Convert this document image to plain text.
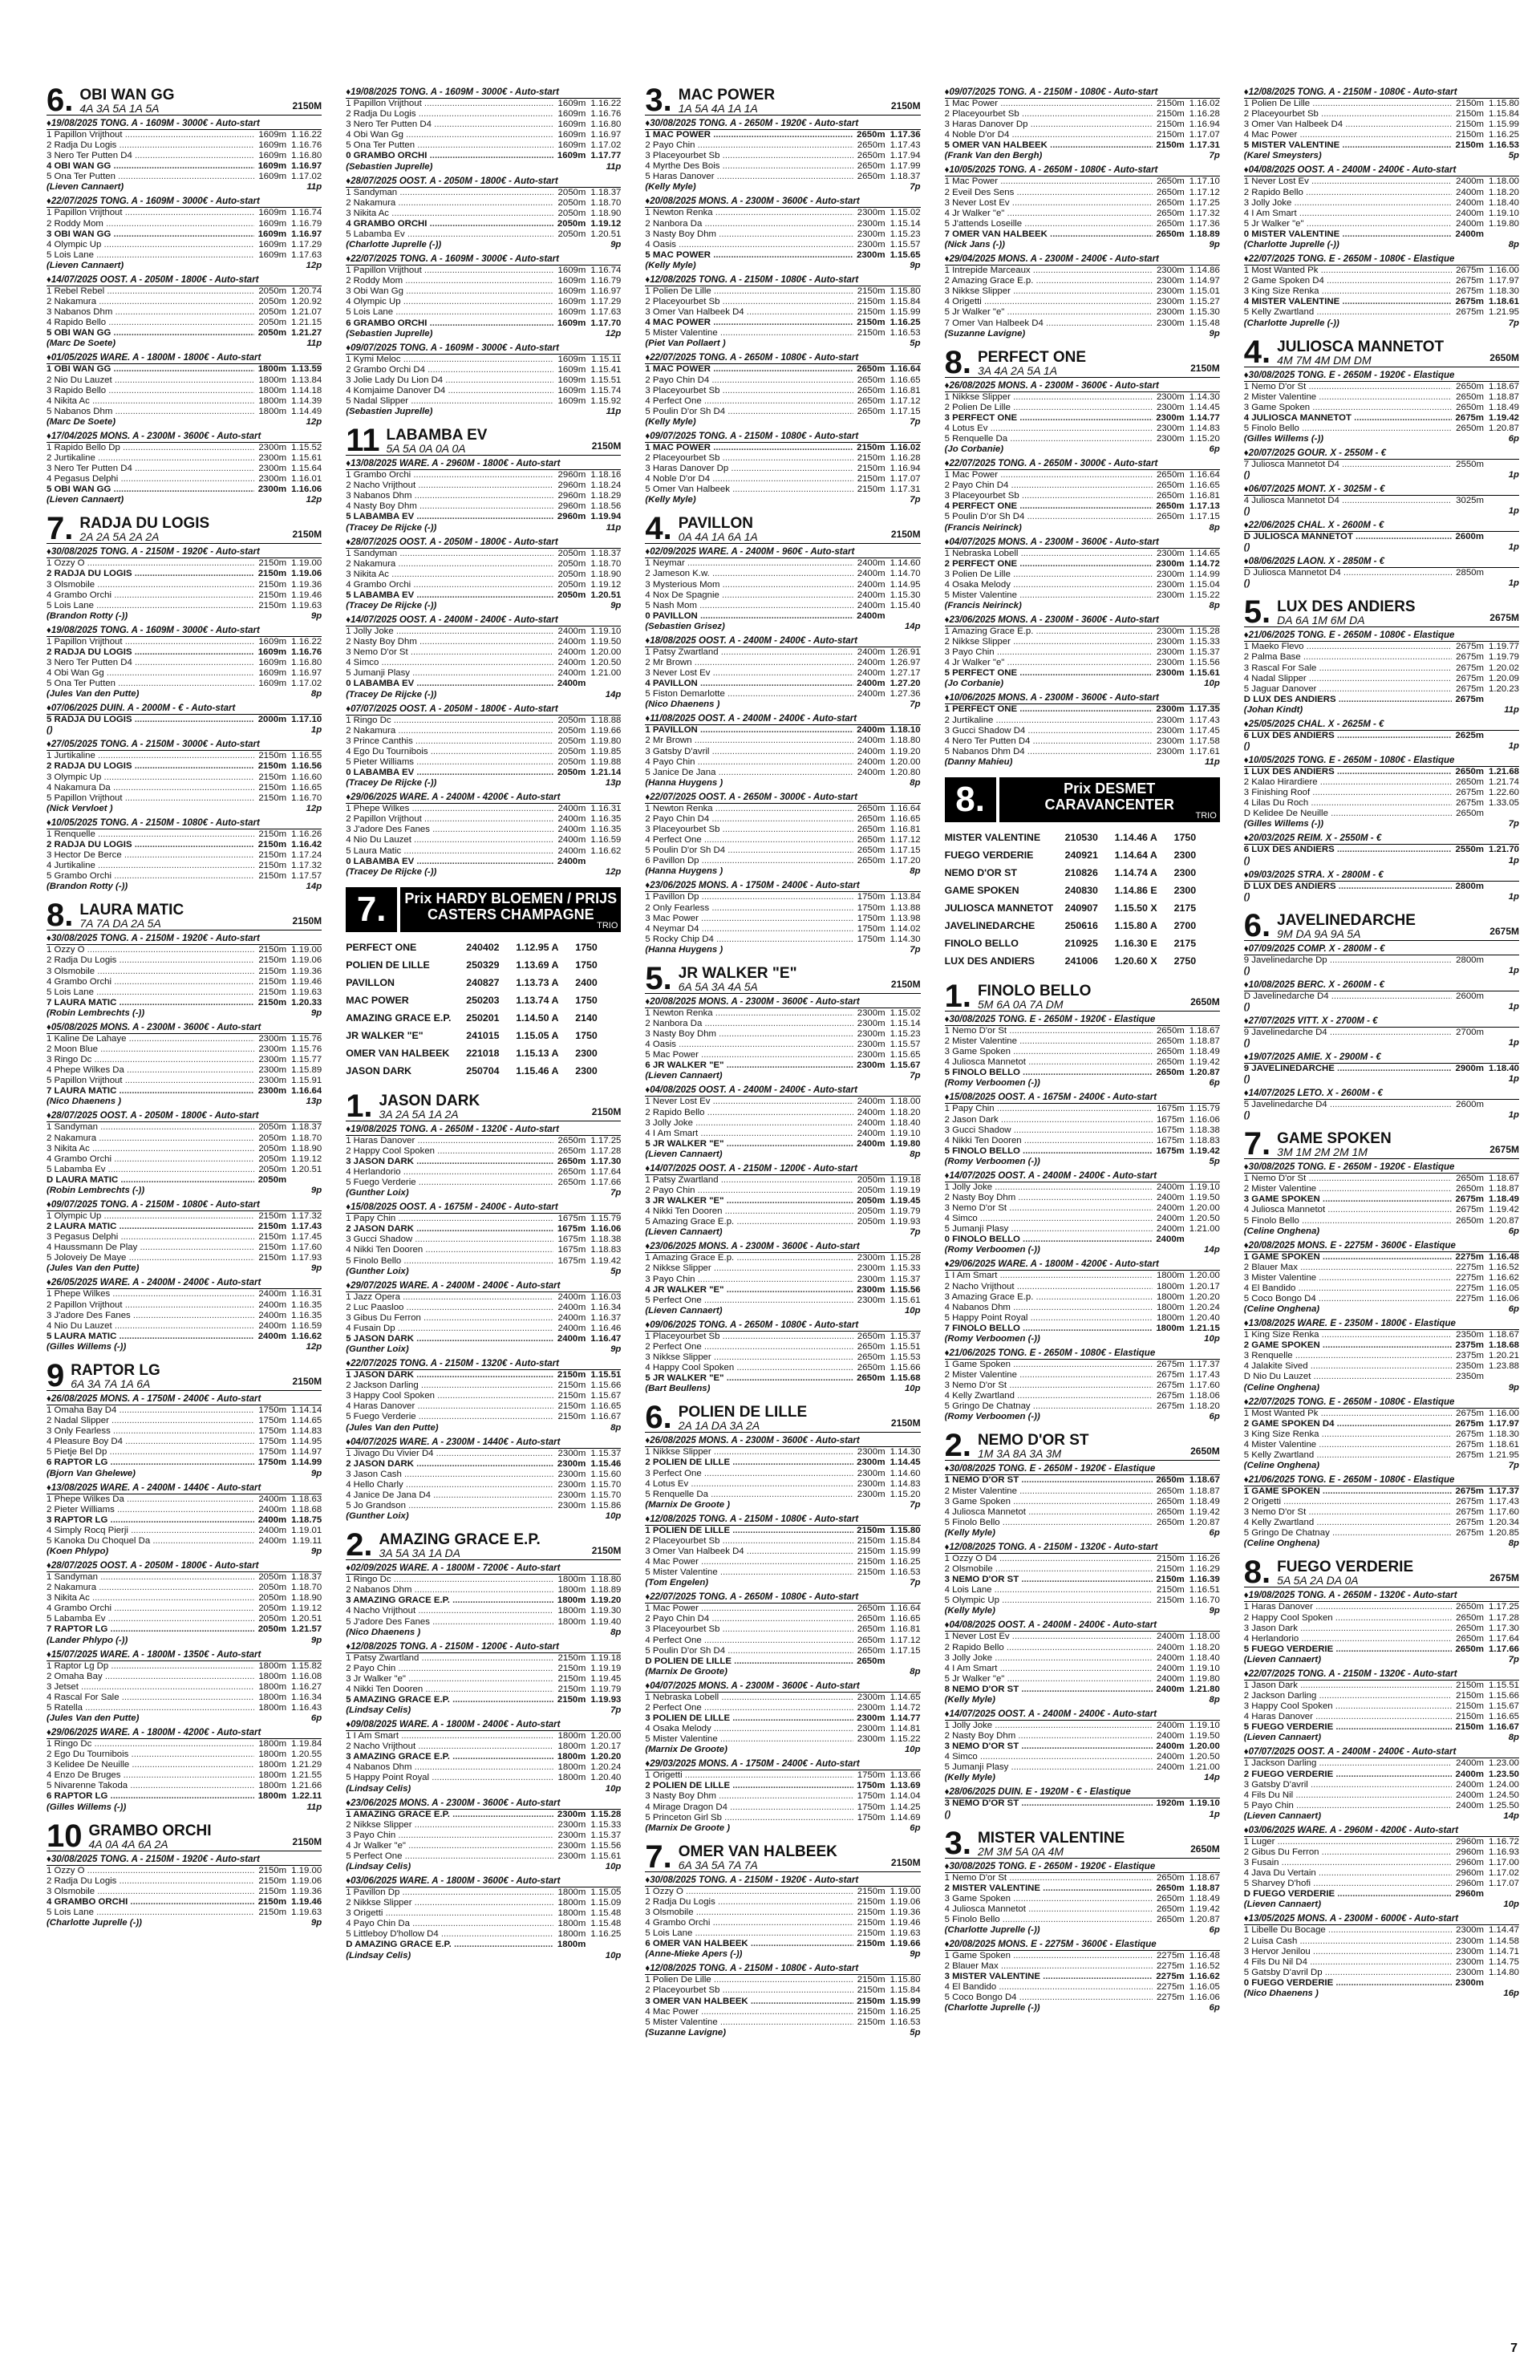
6. OBI WAN GG
4A 3A 5A 1A 5A	2150M
♦ 19/08/2025 TONG. A - 1609M - 3000€ - Auto-start
1 Papillon Vrijthout .....	1609m 1.16.22
2 Radja Du Logis .....	1609m 1.16.76
3 Nero Ter Putten D4 .....	1609m 1.16.80
4 OBI WAN GG .....	1609m 1.16.97
5 Ona Ter Putten .....	1609m 1.17.02
(Lieven Cannaert)	11p
♦ 22/07/2025 TONG. A - 1609M - 3000€ - Auto-start
1 Papillon Vrijthout .....	1609m 1.16.74
2 Roddy Mom .....	1609m 1.16.79
3 OBI WAN GG .....	1609m 1.16.97
4 Olympic Up .....	1609m 1.17.29
5 Lois Lane .....	1609m 1.17.63
(Lieven Cannaert)	12p
♦ 14/07/2025 OOST. A - 2050M - 1800€ - Auto-start
1 Rebel Rebel .....	2050m 1.20.74
2 Nakamura .....	2050m 1.20.92
3 Nabanos Dhm .....	2050m 1.21.07
4 Rapido Bello .....	2050m 1.21.15
5 OBI WAN GG .....	2050m 1.21.27
(Marc De Soete)	11p
♦ 01/05/2025 WARE. A - 1800M - 1800€ - Auto-start
1 OBI WAN GG .....	1800m 1.13.59
2 Nio Du Lauzet .....	1800m 1.13.84
3 Rapido Bello .....	1800m 1.14.18
4 Nikita Ac .....	1800m 1.14.39
5 Nabanos Dhm .....	1800m 1.14.49
(Marc De Soete)	12p
♦ 17/04/2025 MONS. A - 2300M - 3600€ - Auto-start
1 Rapido Bello Dp .....	2300m 1.15.52
2 Jurtikaline .....	2300m 1.15.61
3 Nero Ter Putten D4 .....	2300m 1.15.64
4 Pegasus Delphi .....	2300m 1.16.01
5 OBI WAN GG .....	2300m 1.16.06
(Lieven Cannaert)	12p
7. RADJA DU LOGIS
2A 2A 5A 2A 2A	2150M
♦ 30/08/2025 TONG. A - 2150M - 1920€ - Auto-start
1 Ozzy O .....	2150m 1.19.00
2 RADJA DU LOGIS .....	2150m 1.19.06
3 Olsmobile .....	2150m 1.19.36
4 Grambo Orchi .....	2150m 1.19.46
5 Lois Lane .....	2150m 1.19.63
(Brandon Rotty (-))	9p
♦ 19/08/2025 TONG. A - 1609M - 3000€ - Auto-start
1 Papillon Vrijthout .....	1609m 1.16.22
2 RADJA DU LOGIS .....	1609m 1.16.76
3 Nero Ter Putten D4 .....	1609m 1.16.80
4 Obi Wan Gg .....	1609m 1.16.97
5 Ona Ter Putten .....	1609m 1.17.02
(Jules Van den Putte)	8p
♦ 07/06/2025 DUIN. A - 2000M - € - Auto-start
5 RADJA DU LOGIS .....	2000m 1.17.10
()	1p
♦ 27/05/2025 TONG. A - 2150M - 3000€ - Auto-start
1 Jurtikaline .....	2150m 1.16.55
2 RADJA DU LOGIS .....	2150m 1.16.56
3 Olympic Up .....	2150m 1.16.60
4 Nakamura Da .....	2150m 1.16.65
5 Papillon Vrijthout .....	2150m 1.16.70
(Nick Vervloet )	12p
♦ 10/05/2025 TONG. A - 2150M - 1080€ - Auto-start
1 Renquelle .....	2150m 1.16.26
2 RADJA DU LOGIS .....	2150m 1.16.42
3 Hector De Berce .....	2150m 1.17.24
4 Jurtikaline .....	2150m 1.17.32
5 Grambo Orchi .....	2150m 1.17.57
(Brandon Rotty (-))	14p
8. LAURA MATIC
7A 7A DA 2A 5A	2150M
♦ 30/08/2025 TONG. A - 2150M - 1920€ - Auto-start
1 Ozzy O .....	2150m 1.19.00
2 Radja Du Logis .....	2150m 1.19.06
3 Olsmobile .....	2150m 1.19.36
4 Grambo Orchi .....	2150m 1.19.46
5 Lois Lane .....	2150m 1.19.63
7 LAURA MATIC .....	2150m 1.20.33
(Robin Lembrechts (-))	9p
♦ 05/08/2025 MONS. A - 2300M - 3600€ - Auto-start
1 Kaline De Lahaye .....	2300m 1.15.76
2 Moon Blue .....	2300m 1.15.76
3 Ringo Dc .....	2300m 1.15.77
4 Phepe Wilkes Da .....	2300m 1.15.89
5 Papillon Vrijthout .....	2300m 1.15.91
7 LAURA MATIC .....	2300m 1.16.64
(Nico Dhaenens )	13p
♦ 28/07/2025 OOST. A - 2050M - 1800€ - Auto-start
1 Sandyman .....	2050m 1.18.37
2 Nakamura .....	2050m 1.18.70
3 Nikita Ac .....	2050m 1.18.90
4 Grambo Orchi .....	2050m 1.19.12
5 Labamba Ev .....	2050m 1.20.51
D LAURA MATIC .....	2050m
(Robin Lembrechts (-))	9p
♦ 09/07/2025 TONG. A - 2150M - 1080€ - Auto-start
1 Olympic Up .....	2150m 1.17.32
2 LAURA MATIC .....	2150m 1.17.43
3 Pegasus Delphi .....	2150m 1.17.45
4 Haussmann De Play .....	2150m 1.17.60
5 Joloveiy De Maye .....	2150m 1.17.93
(Jules Van den Putte)	9p
♦ 26/05/2025 WARE. A - 2400M - 2400€ - Auto-start
1 Phepe Wilkes .....	2400m 1.16.31
2 Papillon Vrijthout .....	2400m 1.16.35
3 J'adore Des Fanes .....	2400m 1.16.35
4 Nio Du Lauzet .....	2400m 1.16.59
5 LAURA MATIC .....	2400m 1.16.62
(Gilles Willems (-))	12p
9 RAPTOR LG
6A 3A 7A 1A 6A	2150M
♦ 26/08/2025 MONS. A - 1750M - 2400€ - Auto-start
1 Omaha Bay D4 .....	1750m 1.14.14
2 Nadal Slipper .....	1750m 1.14.65
3 Only Fearless .....	1750m 1.14.83
4 Pleasure Boy D4 .....	1750m 1.14.95
5 Pietje Bel Dp .....	1750m 1.14.97
6 RAPTOR LG .....	1750m 1.14.99
(Bjorn Van Ghelewe)	9p
♦ 13/08/2025 WARE. A - 2400M - 1440€ - Auto-start
1 Phepe Wilkes Da .....	2400m 1.18.63
2 Pieter Williams .....	2400m 1.18.68
3 RAPTOR LG .....	2400m 1.18.75
4 Simply Rocq Pierji .....	2400m 1.19.01
5 Kanoka Du Choquel Da .....	2400m 1.19.11
(Koen Phlypo)	9p
♦ 28/07/2025 OOST. A - 2050M - 1800€ - Auto-start
1 Sandyman .....	2050m 1.18.37
2 Nakamura .....	2050m 1.18.70
3 Nikita Ac .....	2050m 1.18.90
4 Grambo Orchi .....	2050m 1.19.12
5 Labamba Ev .....	2050m 1.20.51
7 RAPTOR LG .....	2050m 1.21.57
(Lander Phlypo (-))	9p
♦ 15/07/2025 WARE. A - 1800M - 1350€ - Auto-start
1 Raptor Lg Dp .....	1800m 1.15.82
2 Omaha Bay .....	1800m 1.16.08
3 Jetset .....	1800m 1.16.27
4 Rascal For Sale .....	1800m 1.16.34
5 Ratella .....	1800m 1.16.43
(Jules Van den Putte)	6p
♦ 29/06/2025 WARE. A - 1800M - 4200€ - Auto-start
1 Ringo Dc .....	1800m 1.19.84
2 Ego Du Tournibois .....	1800m 1.20.55
3 Kelidee De Neuille .....	1800m 1.21.29
4 Enzo De Bruges .....	1800m 1.21.55
5 Nivarenne Takoda .....	1800m 1.21.66
6 RAPTOR LG .....	1800m 1.22.11
(Gilles Willems (-))	11p
10 GRAMBO ORCHI
4A 0A 4A 6A 2A	2150M
♦ 30/08/2025 TONG. A - 2150M - 1920€ - Auto-start
1 Ozzy O .....	2150m 1.19.00
2 Radja Du Logis .....	2150m 1.19.06
3 Olsmobile .....	2150m 1.19.36
4 GRAMBO ORCHI .....	2150m 1.19.46
5 Lois Lane .....	2150m 1.19.63
(Charlotte Juprelle (-))	9p
♦ 19/08/2025 TONG. A - 1609M - 3000€ - Auto-start
1 Papillon Vrijthout .....	1609m 1.16.22
2 Radja Du Logis .....	1609m 1.16.76
3 Nero Ter Putten D4 .....	1609m 1.16.80
4 Obi Wan Gg .....	1609m 1.16.97
5 Ona Ter Putten .....	1609m 1.17.02
0 GRAMBO ORCHI .....	1609m 1.17.77
(Sebastien Juprelle)	11p
♦ 28/07/2025 OOST. A - 2050M - 1800€ - Auto-start
1 Sandyman .....	2050m 1.18.37
2 Nakamura .....	2050m 1.18.70
3 Nikita Ac .....	2050m 1.18.90
4 GRAMBO ORCHI .....	2050m 1.19.12
5 Labamba Ev .....	2050m 1.20.51
(Charlotte Juprelle (-))	9p
♦ 22/07/2025 TONG. A - 1609M - 3000€ - Auto-start
1 Papillon Vrijthout .....	1609m 1.16.74
2 Roddy Mom .....	1609m 1.16.79
3 Obi Wan Gg .....	1609m 1.16.97
4 Olympic Up .....	1609m 1.17.29
5 Lois Lane .....	1609m 1.17.63
6 GRAMBO ORCHI .....	1609m 1.17.70
(Sebastien Juprelle)	12p
♦ 09/07/2025 TONG. A - 1609M - 3000€ - Auto-start
1 Kymi Meloc .....	1609m 1.15.11
2 Grambo Orchi D4 .....	1609m 1.15.41
3 Jolie Lady Du Lion D4 .....	1609m 1.15.51
4 Komjaime Danover D4 .....	1609m 1.15.74
5 Nadal Slipper .....	1609m 1.15.92
(Sebastien Juprelle)	11p
11 LABAMBA EV
5A 5A 0A 0A 0A	2150M
♦ 13/08/2025 WARE. A - 2960M - 1800€ - Auto-start
1 Grambo Orchi .....	2960m 1.18.16
2 Nacho Vrijthout .....	2960m 1.18.24
3 Nabanos Dhm .....	2960m 1.18.29
4 Nasty Boy Dhm .....	2960m 1.18.56
5 LABAMBA EV .....	2960m 1.19.94
(Tracey De Rijcke (-))	11p
♦ 28/07/2025 OOST. A - 2050M - 1800€ - Auto-start
1 Sandyman .....	2050m 1.18.37
2 Nakamura .....	2050m 1.18.70
3 Nikita Ac .....	2050m 1.18.90
4 Grambo Orchi .....	2050m 1.19.12
5 LABAMBA EV .....	2050m 1.20.51
(Tracey De Rijcke (-))	9p
♦ 14/07/2025 OOST. A - 2400M - 2400€ - Auto-start
1 Jolly Joke .....	2400m 1.19.10
2 Nasty Boy Dhm .....	2400m 1.19.50
3 Nemo D'or St .....	2400m 1.20.00
4 Simco .....	2400m 1.20.50
5 Jumanji Plasy .....	2400m 1.21.00
0 LABAMBA EV .....	2400m
(Tracey De Rijcke (-))	14p
♦ 07/07/2025 OOST. A - 2050M - 1800€ - Auto-start
1 Ringo Dc .....	2050m 1.18.88
2 Nakamura .....	2050m 1.19.66
3 Prince Canthis .....	2050m 1.19.80
4 Ego Du Tournibois .....	2050m 1.19.85
5 Pieter Williams .....	2050m 1.19.88
0 LABAMBA EV .....	2050m 1.21.14
(Tracey De Rijcke (-))	13p
♦ 29/06/2025 WARE. A - 2400M - 4200€ - Auto-start
1 Phepe Wilkes .....	2400m 1.16.31
2 Papillon Vrijthout .....	2400m 1.16.35
3 J'adore Des Fanes .....	2400m 1.16.35
4 Nio Du Lauzet .....	2400m 1.16.59
5 Laura Matic .....	2400m 1.16.62
0 LABAMBA EV .....	2400m
(Tracey De Rijcke (-))	12p
7.	Prix HARDY BLOEMEN / PRIJS CASTERS CHAMPAGNE
TRIO
PERFECT ONE	240402	1.12.95 A	1750
POLIEN DE LILLE	250329	1.13.69 A	1750
PAVILLON	240827	1.13.73 A	2400
MAC POWER	250203	1.13.74 A	1750
AMAZING GRACE E.P.	250201	1.14.50 A	2140
JR WALKER "E"	241015	1.15.05 A	1750
OMER VAN HALBEEK	221018	1.15.13 A	2300
JASON DARK	250704	1.15.46 A	2300
1. JASON DARK
3A 2A 5A 1A 2A	2150M
♦ 19/08/2025 TONG. A - 2650M - 1320€ - Auto-start
1 Haras Danover .....	2650m 1.17.25
2 Happy Cool Spoken .....	2650m 1.17.28
3 JASON DARK .....	2650m 1.17.30
4 Herlandorio .....	2650m 1.17.64
5 Fuego Verderie .....	2650m 1.17.66
(Gunther Loix)	7p
♦ 15/08/2025 OOST. A - 1675M - 2400€ - Auto-start
1 Papy Chin .....	1675m 1.15.79
2 JASON DARK .....	1675m 1.16.06
3 Gucci Shadow .....	1675m 1.18.38
4 Nikki Ten Dooren .....	1675m 1.18.83
5 Finolo Bello .....	1675m 1.19.42
(Gunther Loix)	5p
♦ 29/07/2025 WARE. A - 2400M - 2400€ - Auto-start
1 Jazz Opera .....	2400m 1.16.03
2 Luc Paasloo .....	2400m 1.16.34
3 Gibus Du Ferron .....	2400m 1.16.37
4 Fusain Dp .....	2400m 1.16.46
5 JASON DARK .....	2400m 1.16.47
(Gunther Loix)	9p
♦ 22/07/2025 TONG. A - 2150M - 1320€ - Auto-start
1 JASON DARK .....	2150m 1.15.51
2 Jackson Darling .....	2150m 1.15.66
3 Happy Cool Spoken .....	2150m 1.15.67
4 Haras Danover .....	2150m 1.16.65
5 Fuego Verderie .....	2150m 1.16.67
(Jules Van den Putte)	8p
♦ 04/07/2025 WARE. A - 2300M - 1440€ - Auto-start
1 Jivago Du Vivier D4 .....	2300m 1.15.37
2 JASON DARK .....	2300m 1.15.46
3 Jason Cash .....	2300m 1.15.60
4 Hello Charly .....	2300m 1.15.70
4 Janice De Jana D4 .....	2300m 1.15.70
5 Jo Grandson .....	2300m 1.15.86
(Gunther Loix)	10p
2. AMAZING GRACE E.P.
3A 5A 3A 1A DA	2150M
♦ 02/09/2025 WARE. A - 1800M - 7200€ - Auto-start
1 Ringo Dc .....	1800m 1.18.80
2 Nabanos Dhm .....	1800m 1.18.89
3 AMAZING GRACE E.P. .....	1800m 1.19.20
4 Nacho Vrijthout .....	1800m 1.19.30
5 J'adore Des Fanes .....	1800m 1.19.40
(Nico Dhaenens )	8p
♦ 12/08/2025 TONG. A - 2150M - 1200€ - Auto-start
1 Patsy Zwartland .....	2150m 1.19.18
2 Payo Chin .....	2150m 1.19.19
3 Jr Walker "e" .....	2150m 1.19.45
4 Nikki Ten Dooren .....	2150m 1.19.79
5 AMAZING GRACE E.P. .....	2150m 1.19.93
(Lindsay Celis)	7p
♦ 09/08/2025 WARE. A - 1800M - 2400€ - Auto-start
1 I Am Smart .....	1800m 1.20.00
2 Nacho Vrijthout .....	1800m 1.20.17
3 AMAZING GRACE E.P. .....	1800m 1.20.20
4 Nabanos Dhm .....	1800m 1.20.24
5 Happy Point Royal .....	1800m 1.20.40
(Lindsay Celis)	10p
♦ 23/06/2025 MONS. A - 2300M - 3600€ - Auto-start
1 AMAZING GRACE E.P. .....	2300m 1.15.28
2 Nikkse Slipper .....	2300m 1.15.33
3 Payo Chin .....	2300m 1.15.37
4 Jr Walker "e" .....	2300m 1.15.56
5 Perfect One .....	2300m 1.15.61
(Lindsay Celis)	10p
♦ 03/06/2025 WARE. A - 1800M - 3600€ - Auto-start
1 Pavillon Dp .....	1800m 1.15.05
2 Nikkse Slipper .....	1800m 1.15.09
3 Origetti .....	1800m 1.15.48
4 Payo Chin Da .....	1800m 1.15.48
5 Littleboy D'hollow D4 .....	1800m 1.16.25
D AMAZING GRACE E.P. .....	1800m
(Lindsay Celis)	10p
3. MAC POWER
1A 5A 4A 1A 1A	2150M
♦ 30/08/2025 TONG. A - 2650M - 1920€ - Auto-start
1 MAC POWER .....	2650m 1.17.36
2 Payo Chin .....	2650m 1.17.43
3 Placeyourbet Sb .....	2650m 1.17.94
4 Myrthe Des Bois .....	2650m 1.17.99
5 Haras Danover .....	2650m 1.18.37
(Kelly Myle)	7p
♦ 20/08/2025 MONS. A - 2300M - 3600€ - Auto-start
1 Newton Renka .....	2300m 1.15.02
2 Nanbora Da .....	2300m 1.15.14
3 Nasty Boy Dhm .....	2300m 1.15.23
4 Oasis .....	2300m 1.15.57
5 MAC POWER .....	2300m 1.15.65
(Kelly Myle)	9p
♦ 12/08/2025 TONG. A - 2150M - 1080€ - Auto-start
1 Polien De Lille .....	2150m 1.15.80
2 Placeyourbet Sb .....	2150m 1.15.84
3 Omer Van Halbeek D4 .....	2150m 1.15.99
4 MAC POWER .....	2150m 1.16.25
5 Mister Valentine .....	2150m 1.16.53
(Piet Van Pollaert )	5p
♦ 22/07/2025 TONG. A - 2650M - 1080€ - Auto-start
1 MAC POWER .....	2650m 1.16.64
2 Payo Chin D4 .....	2650m 1.16.65
3 Placeyourbet Sb .....	2650m 1.16.81
4 Perfect One .....	2650m 1.17.12
5 Poulin D'or Sh D4 .....	2650m 1.17.15
(Kelly Myle)	7p
♦ 09/07/2025 TONG. A - 2150M - 1080€ - Auto-start
1 MAC POWER .....	2150m 1.16.02
2 Placeyourbet Sb .....	2150m 1.16.28
3 Haras Danover Dp .....	2150m 1.16.94
4 Noble D'or D4 .....	2150m 1.17.07
5 Omer Van Halbeek .....	2150m 1.17.31
(Kelly Myle)	7p
4. PAVILLON
0A 4A 1A 6A 1A	2150M
♦ 02/09/2025 WARE. A - 2400M - 960€ - Auto-start
1 Neymar .....	2400m 1.14.60
2 Jameson K.w. .....	2400m 1.14.70
3 Mysterious Mom .....	2400m 1.14.95
4 Nox De Spagnie .....	2400m 1.15.30
5 Nash Mom .....	2400m 1.15.40
0 PAVILLON .....	2400m
(Sebastien Grisez)	14p
♦ 18/08/2025 OOST. A - 2400M - 2400€ - Auto-start
1 Patsy Zwartland .....	2400m 1.26.91
2 Mr Brown .....	2400m 1.26.97
3 Never Lost Ev .....	2400m 1.27.17
4 PAVILLON .....	2400m 1.27.20
5 Fiston Demarlotte .....	2400m 1.27.36
(Nico Dhaenens )	7p
♦ 11/08/2025 OOST. A - 2400M - 2400€ - Auto-start
1 PAVILLON .....	2400m 1.18.10
2 Mr Brown .....	2400m 1.18.80
3 Gatsby D'avril .....	2400m 1.19.20
4 Payo Chin .....	2400m 1.20.00
5 Janice De Jana .....	2400m 1.20.80
(Hanna Huygens )	8p
♦ 22/07/2025 OOST. A - 2650M - 3000€ - Auto-start
1 Newton Renka .....	2650m 1.16.64
2 Payo Chin D4 .....	2650m 1.16.65
3 Placeyourbet Sb .....	2650m 1.16.81
4 Perfect One .....	2650m 1.17.12
5 Poulin D'or Sh D4 .....	2650m 1.17.15
6 Pavillon Dp .....	2650m 1.17.20
(Hanna Huygens )	8p
♦ 23/06/2025 MONS. A - 1750M - 2400€ - Auto-start
1 Pavillon Dp .....	1750m 1.13.84
2 Only Fearless .....	1750m 1.13.88
3 Mac Power .....	1750m 1.13.98
4 Neymar D4 .....	1750m 1.14.02
5 Rocky Chip D4 .....	1750m 1.14.30
(Hanna Huygens )	7p
5. JR WALKER "E"
6A 5A 3A 4A 5A	2150M
♦ 20/08/2025 MONS. A - 2300M - 3600€ - Auto-start
1 Newton Renka .....	2300m 1.15.02
2 Nanbora Da .....	2300m 1.15.14
3 Nasty Boy Dhm .....	2300m 1.15.23
4 Oasis .....	2300m 1.15.57
5 Mac Power .....	2300m 1.15.65
6 JR WALKER "E" .....	2300m 1.15.67
(Lieven Cannaert)	7p
♦ 04/08/2025 OOST. A - 2400M - 2400€ - Auto-start
1 Never Lost Ev .....	2400m 1.18.00
2 Rapido Bello .....	2400m 1.18.20
3 Jolly Joke .....	2400m 1.18.40
4 I Am Smart .....	2400m 1.19.10
5 JR WALKER "E" .....	2400m 1.19.80
(Lieven Cannaert)	8p
♦ 14/07/2025 OOST. A - 2150M - 1200€ - Auto-start
1 Patsy Zwartland .....	2050m 1.19.18
2 Payo Chin .....	2050m 1.19.19
3 JR WALKER "E" .....	2050m 1.19.45
4 Nikki Ten Dooren .....	2050m 1.19.79
5 Amazing Grace E.p. .....	2050m 1.19.93
(Lieven Cannaert)	7p
♦ 23/06/2025 MONS. A - 2300M - 3600€ - Auto-start
1 Amazing Grace E.p. .....	2300m 1.15.28
2 Nikkse Slipper .....	2300m 1.15.33
3 Payo Chin .....	2300m 1.15.37
4 JR WALKER "E" .....	2300m 1.15.56
5 Perfect One .....	2300m 1.15.61
(Lieven Cannaert)	10p
♦ 09/06/2025 TONG. A - 2650M - 1080€ - Auto-start
1 Placeyourbet Sb .....	2650m 1.15.37
2 Perfect One .....	2650m 1.15.51
3 Nikkse Slipper .....	2650m 1.15.53
4 Happy Cool Spoken .....	2650m 1.15.66
5 JR WALKER "E" .....	2650m 1.15.68
(Bart Beullens)	10p
6. POLIEN DE LILLE
2A 1A DA 3A 2A	2150M
♦ 26/08/2025 MONS. A - 2300M - 3600€ - Auto-start
1 Nikkse Slipper .....	2300m 1.14.30
2 POLIEN DE LILLE .....	2300m 1.14.45
3 Perfect One .....	2300m 1.14.60
4 Lotus Ev .....	2300m 1.14.83
5 Renquelle Da .....	2300m 1.15.20
(Marnix De Groote )	7p
♦ 12/08/2025 TONG. A - 2150M - 1080€ - Auto-start
1 POLIEN DE LILLE .....	2150m 1.15.80
2 Placeyourbet Sb .....	2150m 1.15.84
3 Omer Van Halbeek D4 .....	2150m 1.15.99
4 Mac Power .....	2150m 1.16.25
5 Mister Valentine .....	2150m 1.16.53
(Tom Engelen)	7p
♦ 22/07/2025 TONG. A - 2650M - 1080€ - Auto-start
1 Mac Power .....	2650m 1.16.64
2 Payo Chin D4 .....	2650m 1.16.65
3 Placeyourbet Sb .....	2650m 1.16.81
4 Perfect One .....	2650m 1.17.12
5 Poulin D'or Sh D4 .....	2650m 1.17.15
D POLIEN DE LILLE .....	2650m
(Marnix De Groote)	8p
♦ 04/07/2025 MONS. A - 2300M - 3600€ - Auto-start
1 Nebraska Lobell .....	2300m 1.14.65
2 Perfect One .....	2300m 1.14.72
3 POLIEN DE LILLE .....	2300m 1.14.77
4 Osaka Melody .....	2300m 1.14.81
5 Mister Valentine .....	2300m 1.15.22
(Marnix De Groote)	10p
♦ 29/03/2025 MONS. A - 1750M - 2400€ - Auto-start
1 Origetti .....	1750m 1.13.66
2 POLIEN DE LILLE .....	1750m 1.13.69
3 Nasty Boy Dhm .....	1750m 1.14.04
4 Mirage Dragon D4 .....	1750m 1.14.25
5 Princeton Girl Sb .....	1750m 1.14.69
(Marnix De Groote )	6p
7. OMER VAN HALBEEK
6A 3A 5A 7A 7A	2150M
♦ 30/08/2025 TONG. A - 2150M - 1920€ - Auto-start
1 Ozzy O .....	2150m 1.19.00
2 Radja Du Logis .....	2150m 1.19.06
3 Olsmobile .....	2150m 1.19.36
4 Grambo Orchi .....	2150m 1.19.46
5 Lois Lane .....	2150m 1.19.63
6 OMER VAN HALBEEK .....	2150m 1.19.66
(Anne-Mieke Apers (-))	9p
♦ 12/08/2025 TONG. A - 2150M - 1080€ - Auto-start
1 Polien De Lille .....	2150m 1.15.80
2 Placeyourbet Sb .....	2150m 1.15.84
3 OMER VAN HALBEEK .....	2150m 1.15.99
4 Mac Power .....	2150m 1.16.25
5 Mister Valentine .....	2150m 1.16.53
(Suzanne Lavigne)	5p
♦ 09/07/2025 TONG. A - 2150M - 1080€ - Auto-start
1 Mac Power .....	2150m 1.16.02
2 Placeyourbet Sb .....	2150m 1.16.28
3 Haras Danover Dp .....	2150m 1.16.94
4 Noble D'or D4 .....	2150m 1.17.07
5 OMER VAN HALBEEK .....	2150m 1.17.31
(Frank Van den Bergh)	7p
♦ 10/05/2025 TONG. A - 2650M - 1080€ - Auto-start
1 Mac Power .....	2650m 1.17.10
2 Eveil Des Sens .....	2650m 1.17.12
3 Never Lost Ev .....	2650m 1.17.25
4 Jr Walker "e" .....	2650m 1.17.32
5 J'attends Loseille .....	2650m 1.17.36
7 OMER VAN HALBEEK .....	2650m 1.18.89
(Nick Jans (-))	9p
♦ 29/04/2025 MONS. A - 2300M - 2400€ - Auto-start
1 Intrepide Marceaux .....	2300m 1.14.86
2 Amazing Grace E.p. .....	2300m 1.14.97
3 Nikkse Slipper .....	2300m 1.15.01
4 Origetti .....	2300m 1.15.27
5 Jr Walker "e" .....	2300m 1.15.30
7 Omer Van Halbeek D4 .....	2300m 1.15.48
(Suzanne Lavigne)	9p
8. PERFECT ONE
3A 4A 2A 5A 1A	2150M
♦ 26/08/2025 MONS. A - 2300M - 3600€ - Auto-start
1 Nikkse Slipper .....	2300m 1.14.30
2 Polien De Lille .....	2300m 1.14.45
3 PERFECT ONE .....	2300m 1.14.77
4 Lotus Ev .....	2300m 1.14.83
5 Renquelle Da .....	2300m 1.15.20
(Jo Corbanie)	6p
♦ 22/07/2025 TONG. A - 2650M - 3000€ - Auto-start
1 Mac Power .....	2650m 1.16.64
2 Payo Chin D4 .....	2650m 1.16.65
3 Placeyourbet Sb .....	2650m 1.16.81
4 PERFECT ONE .....	2650m 1.17.13
5 Poulin D'or Sh D4 .....	2650m 1.17.15
(Francis Neirinck)	8p
♦ 04/07/2025 MONS. A - 2300M - 3600€ - Auto-start
1 Nebraska Lobell .....	2300m 1.14.65
2 PERFECT ONE .....	2300m 1.14.72
3 Polien De Lille .....	2300m 1.14.99
4 Osaka Melody .....	2300m 1.15.04
5 Mister Valentine .....	2300m 1.15.22
(Francis Neirinck)	8p
♦ 23/06/2025 MONS. A - 2300M - 3600€ - Auto-start
1 Amazing Grace E.p. .....	2300m 1.15.28
2 Nikkse Slipper .....	2300m 1.15.33
3 Payo Chin .....	2300m 1.15.37
4 Jr Walker "e" .....	2300m 1.15.56
5 PERFECT ONE .....	2300m 1.15.61
(Jo Corbanie)	10p
♦ 10/06/2025 MONS. A - 2300M - 3600€ - Auto-start
1 PERFECT ONE .....	2300m 1.17.35
2 Jurtikaline .....	2300m 1.17.43
3 Gucci Shadow D4 .....	2300m 1.17.45
4 Nero Ter Putten D4 .....	2300m 1.17.58
5 Nabanos Dhm D4 .....	2300m 1.17.61
(Danny Mahieu)	11p
8.	Prix DESMET CARAVANCENTER
TRIO
MISTER VALENTINE	210530	1.14.46 A	1750
FUEGO VERDERIE	240921	1.14.64 A	2300
NEMO D'OR ST	210826	1.14.74 A	2300
GAME SPOKEN	240830	1.14.86 E	2300
JULIOSCA MANNETOT	240907	1.15.50 X	2175
JAVELINEDARCHE	250616	1.15.80 A	2700
FINOLO BELLO	210925	1.16.30 E	2175
LUX DES ANDIERS	241006	1.20.60 X	2750
1. FINOLO BELLO
5M 6A 0A 7A DM	2650M
♦ 30/08/2025 TONG. E - 2650M - 1920€ - Elastique
1 Nemo D'or St .....	2650m 1.18.67
2 Mister Valentine .....	2650m 1.18.87
3 Game Spoken .....	2650m 1.18.49
4 Juliosca Mannetot .....	2650m 1.19.42
5 FINOLO BELLO .....	2650m 1.20.87
(Romy Verboomen (-))	6p
♦ 15/08/2025 OOST. A - 1675M - 2400€ - Auto-start
1 Papy Chin .....	1675m 1.15.79
2 Jason Dark .....	1675m 1.16.06
3 Gucci Shadow .....	1675m 1.18.38
4 Nikki Ten Dooren .....	1675m 1.18.83
5 FINOLO BELLO .....	1675m 1.19.42
(Romy Verboomen (-))	5p
♦ 14/07/2025 OOST. A - 2400M - 2400€ - Auto-start
1 Jolly Joke .....	2400m 1.19.10
2 Nasty Boy Dhm .....	2400m 1.19.50
3 Nemo D'or St .....	2400m 1.20.00
4 Simco .....	2400m 1.20.50
5 Jumanji Plasy .....	2400m 1.21.00
0 FINOLO BELLO .....	2400m
(Romy Verboomen (-))	14p
♦ 29/06/2025 WARE. A - 1800M - 4200€ - Auto-start
1 I Am Smart .....	1800m 1.20.00
2 Nacho Vrijthout .....	1800m 1.20.17
3 Amazing Grace E.p. .....	1800m 1.20.20
4 Nabanos Dhm .....	1800m 1.20.24
5 Happy Point Royal .....	1800m 1.20.40
7 FINOLO BELLO .....	1800m 1.21.15
(Romy Verboomen (-))	10p
♦ 21/06/2025 TONG. E - 2650M - 1080€ - Elastique
1 Game Spoken .....	2675m 1.17.37
2 Mister Valentine .....	2675m 1.17.43
3 Nemo D'or St .....	2675m 1.17.60
4 Kelly Zwartland .....	2675m 1.18.06
5 Gringo De Chatnay .....	2675m 1.18.20
(Romy Verboomen (-))	6p
2. NEMO D'OR ST
1M 3A 8A 3A 3M	2650M
♦ 30/08/2025 TONG. E - 2650M - 1920€ - Elastique
1 NEMO D'OR ST .....	2650m 1.18.67
2 Mister Valentine .....	2650m 1.18.87
3 Game Spoken .....	2650m 1.18.49
4 Juliosca Mannetot .....	2650m 1.19.42
5 Finolo Bello .....	2650m 1.20.87
(Kelly Myle)	6p
♦ 12/08/2025 TONG. A - 2150M - 1320€ - Auto-start
1 Ozzy O D4 .....	2150m 1.16.26
2 Olsmobile .....	2150m 1.16.29
3 NEMO D'OR ST .....	2150m 1.16.39
4 Lois Lane .....	2150m 1.16.51
5 Olympic Up .....	2150m 1.16.70
(Kelly Myle)	9p
♦ 04/08/2025 OOST. A - 2400M - 2400€ - Auto-start
1 Never Lost Ev .....	2400m 1.18.00
2 Rapido Bello .....	2400m 1.18.20
3 Jolly Joke .....	2400m 1.18.40
4 I Am Smart .....	2400m 1.19.10
5 Jr Walker "e" .....	2400m 1.19.80
8 NEMO D'OR ST .....	2400m 1.21.80
(Kelly Myle)	8p
♦ 14/07/2025 OOST. A - 2400M - 2400€ - Auto-start
1 Jolly Joke .....	2400m 1.19.10
2 Nasty Boy Dhm .....	2400m 1.19.50
3 NEMO D'OR ST .....	2400m 1.20.00
4 Simco .....	2400m 1.20.50
5 Jumanji Plasy .....	2400m 1.21.00
(Kelly Myle)	14p
♦ 28/06/2025 DUIN. E - 1920M - € - Elastique
3 NEMO D'OR ST .....	1920m 1.19.10
()	1p
3. MISTER VALENTINE
2M 3M 5A 0A 4M	2650M
♦ 30/08/2025 TONG. E - 2650M - 1920€ - Elastique
1 Nemo D'or St .....	2650m 1.18.67
2 MISTER VALENTINE .....	2650m 1.18.87
3 Game Spoken .....	2650m 1.18.49
4 Juliosca Mannetot .....	2650m 1.19.42
5 Finolo Bello .....	2650m 1.20.87
(Charlotte Juprelle (-))	6p
♦ 20/08/2025 MONS. E - 2275M - 3600€ - Elastique
1 Game Spoken .....	2275m 1.16.48
2 Blauer Max .....	2275m 1.16.52
3 MISTER VALENTINE .....	2275m 1.16.62
4 El Bandido .....	2275m 1.16.05
5 Coco Bongo D4 .....	2275m 1.16.06
(Charlotte Juprelle (-))	6p
♦ 12/08/2025 TONG. A - 2150M - 1080€ - Auto-start
1 Polien De Lille .....	2150m 1.15.80
2 Placeyourbet Sb .....	2150m 1.15.84
3 Omer Van Halbeek D4 .....	2150m 1.15.99
4 Mac Power .....	2150m 1.16.25
5 MISTER VALENTINE .....	2150m 1.16.53
(Karel Smeysters)	5p
♦ 04/08/2025 OOST. A - 2400M - 2400€ - Auto-start
1 Never Lost Ev .....	2400m 1.18.00
2 Rapido Bello .....	2400m 1.18.20
3 Jolly Joke .....	2400m 1.18.40
4 I Am Smart .....	2400m 1.19.10
5 Jr Walker "e" .....	2400m 1.19.80
0 MISTER VALENTINE .....	2400m
(Charlotte Juprelle (-))	8p
♦ 22/07/2025 TONG. E - 2650M - 1080€ - Elastique
1 Most Wanted Pk .....	2675m 1.16.00
2 Game Spoken D4 .....	2675m 1.17.97
3 King Size Renka .....	2675m 1.18.30
4 MISTER VALENTINE .....	2675m 1.18.61
5 Kelly Zwartland .....	2675m 1.21.95
(Charlotte Juprelle (-))	7p
4. JULIOSCA MANNETOT
4M 7M 4M DM DM	2650M
♦ 30/08/2025 TONG. E - 2650M - 1920€ - Elastique
1 Nemo D'or St .....	2650m 1.18.67
2 Mister Valentine .....	2650m 1.18.87
3 Game Spoken .....	2650m 1.18.49
4 JULIOSCA MANNETOT .....	2675m 1.19.42
5 Finolo Bello .....	2650m 1.20.87
(Gilles Willems (-))	6p
♦ 20/07/2025 GOUR. X - 2550M - €
7 Juliosca Mannetot D4 .....	2550m
()	1p
♦ 06/07/2025 MONT. X - 3025M - €
4 Juliosca Mannetot D4 .....	3025m
()	1p
♦ 22/06/2025 CHAL. X - 2600M - €
D JULIOSCA MANNETOT .....	2600m
()	1p
♦ 08/06/2025 LAON. X - 2850M - €
D Juliosca Mannetot D4 .....	2850m
()	1p
5. LUX DES ANDIERS
DA 6A 1M 6M DA	2675M
♦ 21/06/2025 TONG. E - 2650M - 1080€ - Elastique
1 Maeko Flevo .....	2675m 1.19.77
2 Palma Base .....	2675m 1.19.79
3 Rascal For Sale .....	2675m 1.20.02
4 Nadal Slipper .....	2675m 1.20.09
5 Jaguar Danover .....	2675m 1.20.23
D LUX DES ANDIERS .....	2675m
(Johan Kindt)	11p
♦ 25/05/2025 CHAL. X - 2625M - €
6 LUX DES ANDIERS .....	2625m
()	1p
♦ 10/05/2025 TONG. E - 2650M - 1080€ - Elastique
1 LUX DES ANDIERS .....	2650m 1.21.68
2 Kalao Hirardiere .....	2650m 1.21.74
3 Finishing Roof .....	2675m 1.22.60
4 Lilas Du Roch .....	2675m 1.33.05
D Kelidee De Neuille .....	2650m
(Gilles Willems (-))	7p
♦ 20/03/2025 REIM. X - 2550M - €
6 LUX DES ANDIERS .....	2550m 1.21.70
()	1p
♦ 09/03/2025 STRA. X - 2800M - €
D LUX DES ANDIERS .....	2800m
()	1p
6. JAVELINEDARCHE
9M DA 9A 9A 5A	2675M
♦ 07/09/2025 COMP. X - 2800M - €
9 Javelinedarche Dp .....	2800m
()	1p
♦ 10/08/2025 BERC. X - 2600M - €
D Javelinedarche D4 .....	2600m
()	1p
♦ 27/07/2025 VITT. X - 2700M - €
9 Javelinedarche D4 .....	2700m
()	1p
♦ 19/07/2025 AMIE. X - 2900M - €
9 JAVELINEDARCHE .....	2900m 1.18.40
()	1p
♦ 14/07/2025 LETO. X - 2600M - €
5 Javelinedarche D4 .....	2600m
()	1p
7. GAME SPOKEN
3M 1M 2M 2M 1M	2675M
♦ 30/08/2025 TONG. E - 2650M - 1920€ - Elastique
1 Nemo D'or St .....	2650m 1.18.67
2 Mister Valentine .....	2650m 1.18.87
3 GAME SPOKEN .....	2675m 1.18.49
4 Juliosca Mannetot .....	2675m 1.19.42
5 Finolo Bello .....	2650m 1.20.87
(Celine Onghena)	6p
♦ 20/08/2025 MONS. E - 2275M - 3600€ - Elastique
1 GAME SPOKEN .....	2275m 1.16.48
2 Blauer Max .....	2275m 1.16.52
3 Mister Valentine .....	2275m 1.16.62
4 El Bandido .....	2275m 1.16.05
5 Coco Bongo D4 .....	2275m 1.16.06
(Celine Onghena)	6p
♦ 13/08/2025 WARE. E - 2350M - 1800€ - Elastique
1 King Size Renka .....	2350m 1.18.67
2 GAME SPOKEN .....	2375m 1.18.68
3 Renquelle .....	2375m 1.20.21
4 Jalakite Sived .....	2350m 1.23.88
D Nio Du Lauzet .....	2350m
(Celine Onghena)	9p
♦ 22/07/2025 TONG. E - 2650M - 1080€ - Elastique
1 Most Wanted Pk .....	2675m 1.16.00
2 GAME SPOKEN D4 .....	2675m 1.17.97
3 King Size Renka .....	2675m 1.18.30
4 Mister Valentine .....	2675m 1.18.61
5 Kelly Zwartland .....	2675m 1.21.95
(Celine Onghena)	7p
♦ 21/06/2025 TONG. E - 2650M - 1080€ - Elastique
1 GAME SPOKEN .....	2675m 1.17.37
2 Origetti .....	2675m 1.17.43
3 Nemo D'or St .....	2675m 1.17.60
4 Kelly Zwartland .....	2675m 1.20.34
5 Gringo De Chatnay .....	2675m 1.20.85
(Celine Onghena)	8p
8. FUEGO VERDERIE
5A 5A 2A DA 0A	2675M
♦ 19/08/2025 TONG. A - 2650M - 1320€ - Auto-start
1 Haras Danover .....	2650m 1.17.25
2 Happy Cool Spoken .....	2650m 1.17.28
3 Jason Dark .....	2650m 1.17.30
4 Herlandorio .....	2650m 1.17.64
5 FUEGO VERDERIE .....	2650m 1.17.66
(Lieven Cannaert)	7p
♦ 22/07/2025 TONG. A - 2150M - 1320€ - Auto-start
1 Jason Dark .....	2150m 1.15.51
2 Jackson Darling .....	2150m 1.15.66
3 Happy Cool Spoken .....	2150m 1.15.67
4 Haras Danover .....	2150m 1.16.65
5 FUEGO VERDERIE .....	2150m 1.16.67
(Lieven Cannaert)	8p
♦ 07/07/2025 OOST. A - 2400M - 2400€ - Auto-start
1 Jackson Darling .....	2400m 1.23.00
2 FUEGO VERDERIE .....	2400m 1.23.50
3 Gatsby D'avril .....	2400m 1.24.00
4 Fils Du Nil .....	2400m 1.24.50
5 Payo Chin .....	2400m 1.25.50
(Lieven Cannaert)	14p
♦ 03/06/2025 WARE. A - 2960M - 4200€ - Auto-start
1 Luger .....	2960m 1.16.72
2 Gibus Du Ferron .....	2960m 1.16.93
3 Fusain .....	2960m 1.17.00
4 Java Du Vertain .....	2960m 1.17.02
5 Sharvey D'hofi .....	2960m 1.17.07
D FUEGO VERDERIE .....	2960m
(Lieven Cannaert)	10p
♦ 13/05/2025 MONS. A - 2300M - 6000€ - Auto-start
1 Libelle Du Bocage .....	2300m 1.14.47
2 Luisa Cash .....	2300m 1.14.58
3 Hervor Jenilou .....	2300m 1.14.71
4 Fils Du Nil D4 .....	2300m 1.14.75
5 Gatsby D'avril Dp .....	2300m 1.14.80
0 FUEGO VERDERIE .....	2300m
(Nico Dhaenens )	16p
7
